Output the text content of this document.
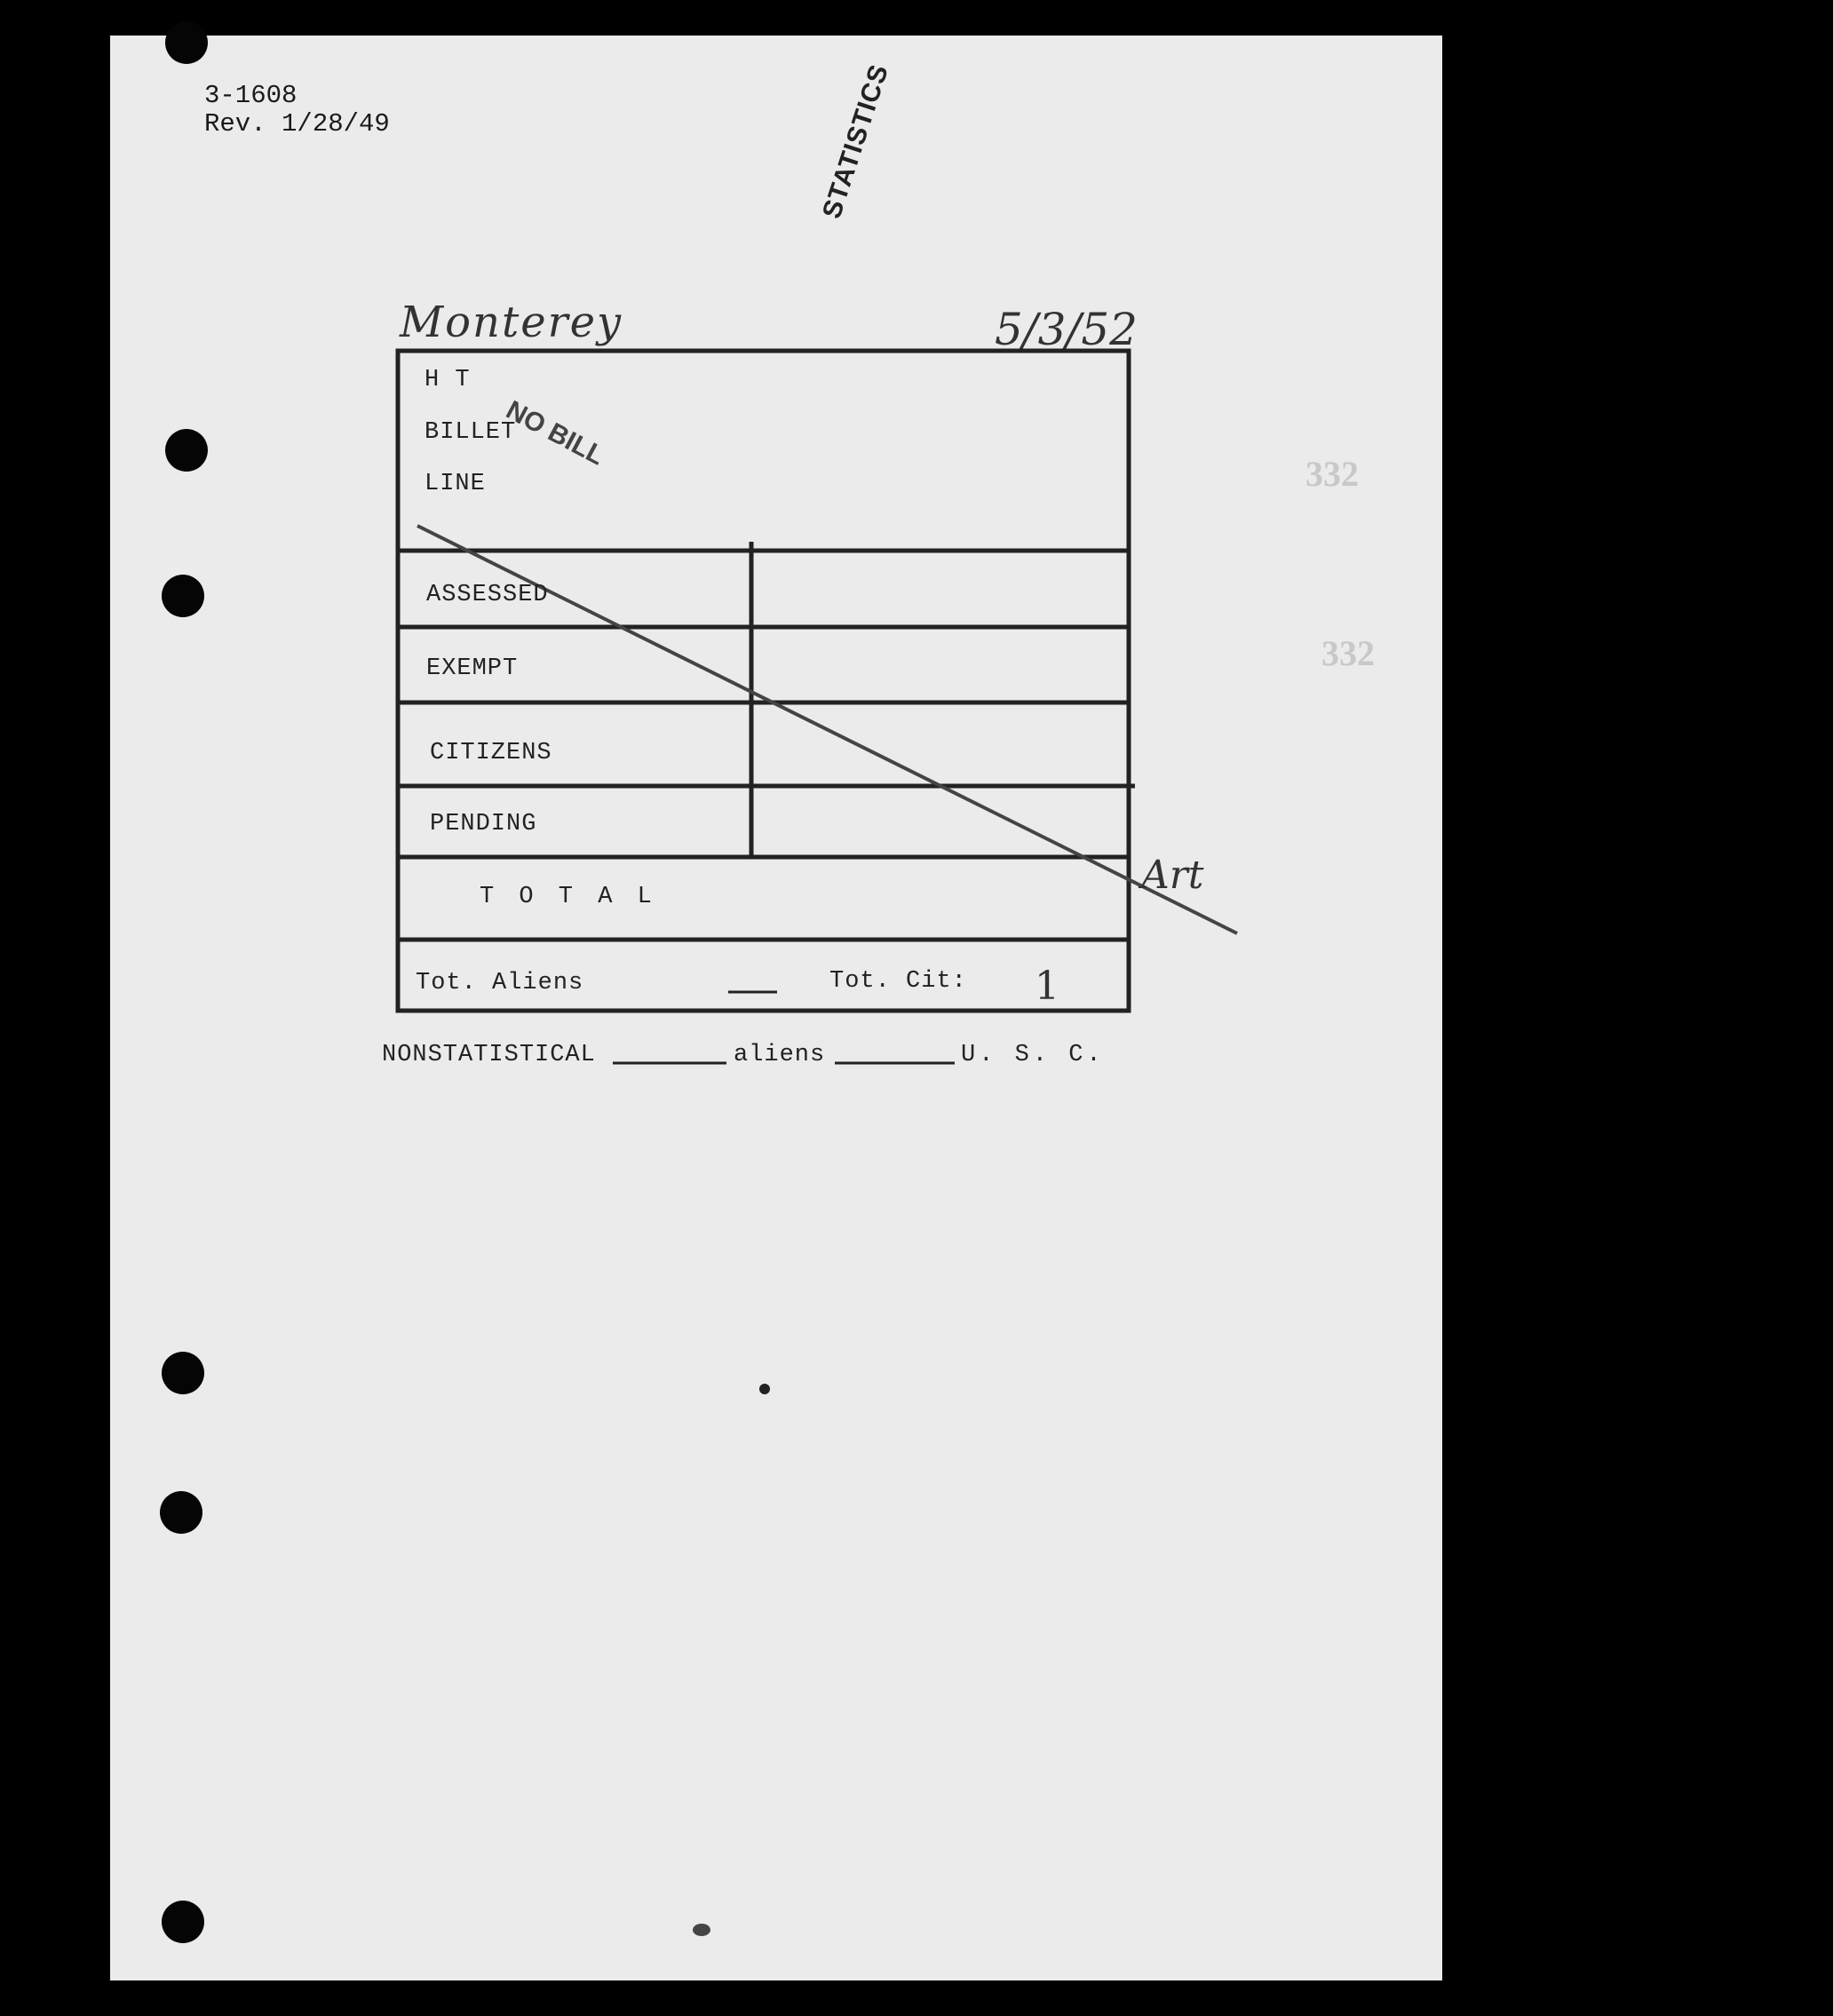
3-1608
Rev. 1/28/49	STATISTICS
Monterey	5/3/52
H T
BILLET
LINE
NO BILL
ASSESSED
EXEMPT
CITIZENS
PENDING
T O T A L
Tot. Aliens	Tot. Cit: 1
Art
NONSTATISTICAL	aliens	U. S. C.
332
332
